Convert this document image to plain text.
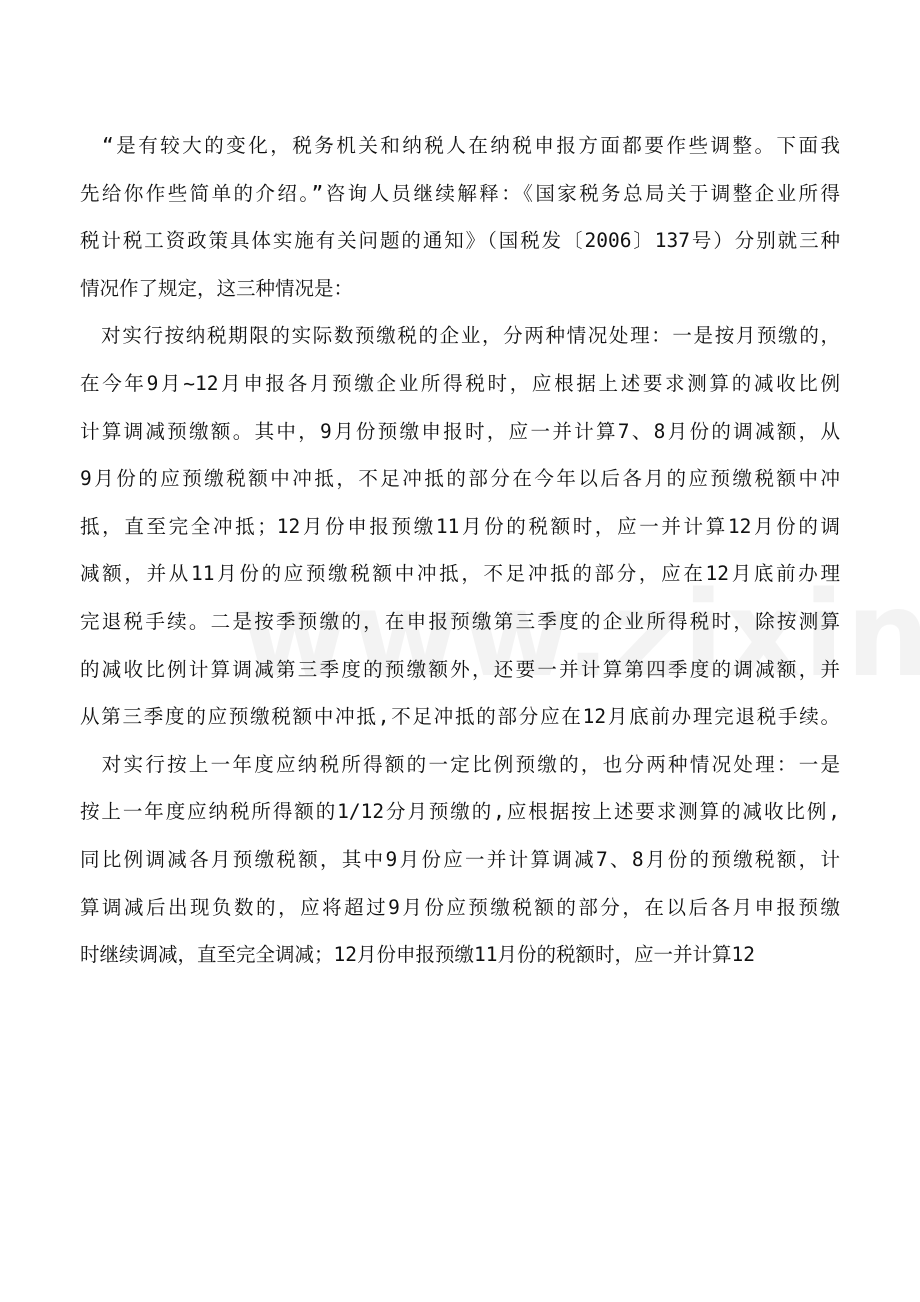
　“是有较大的变化，税务机关和纳税人在纳税申报方面都要作些调整。下面我
先给你作些简单的介绍。”咨询人员继续解释：《国家税务总局关于调整企业所得
税计税工资政策具体实施有关问题的通知》（国税发〔2006〕137号）分别就三种
情况作了规定，这三种情况是：
　对实行按纳税期限的实际数预缴税的企业，分两种情况处理：一是按月预缴的，
在今年9月~12月申报各月预缴企业所得税时，应根据上述要求测算的减收比例
计算调减预缴额。其中，9月份预缴申报时，应一并计算7、8月份的调减额，从
9月份的应预缴税额中冲抵，不足冲抵的部分在今年以后各月的应预缴税额中冲
抵，直至完全冲抵；12月份申报预缴11月份的税额时，应一并计算12月份的调
减额，并从11月份的应预缴税额中冲抵，不足冲抵的部分，应在12月底前办理
完退税手续。二是按季预缴的，在申报预缴第三季度的企业所得税时，除按测算
的减收比例计算调减第三季度的预缴额外，还要一并计算第四季度的调减额，并
从第三季度的应预缴税额中冲抵,不足冲抵的部分应在12月底前办理完退税手续。
　对实行按上一年度应纳税所得额的一定比例预缴的，也分两种情况处理：一是
按上一年度应纳税所得额的1/12分月预缴的,应根据按上述要求测算的减收比例,
同比例调减各月预缴税额，其中9月份应一并计算调减7、8月份的预缴税额，计
算调减后出现负数的，应将超过9月份应预缴税额的部分，在以后各月申报预缴
时继续调减，直至完全调减；12月份申报预缴11月份的税额时，应一并计算12
